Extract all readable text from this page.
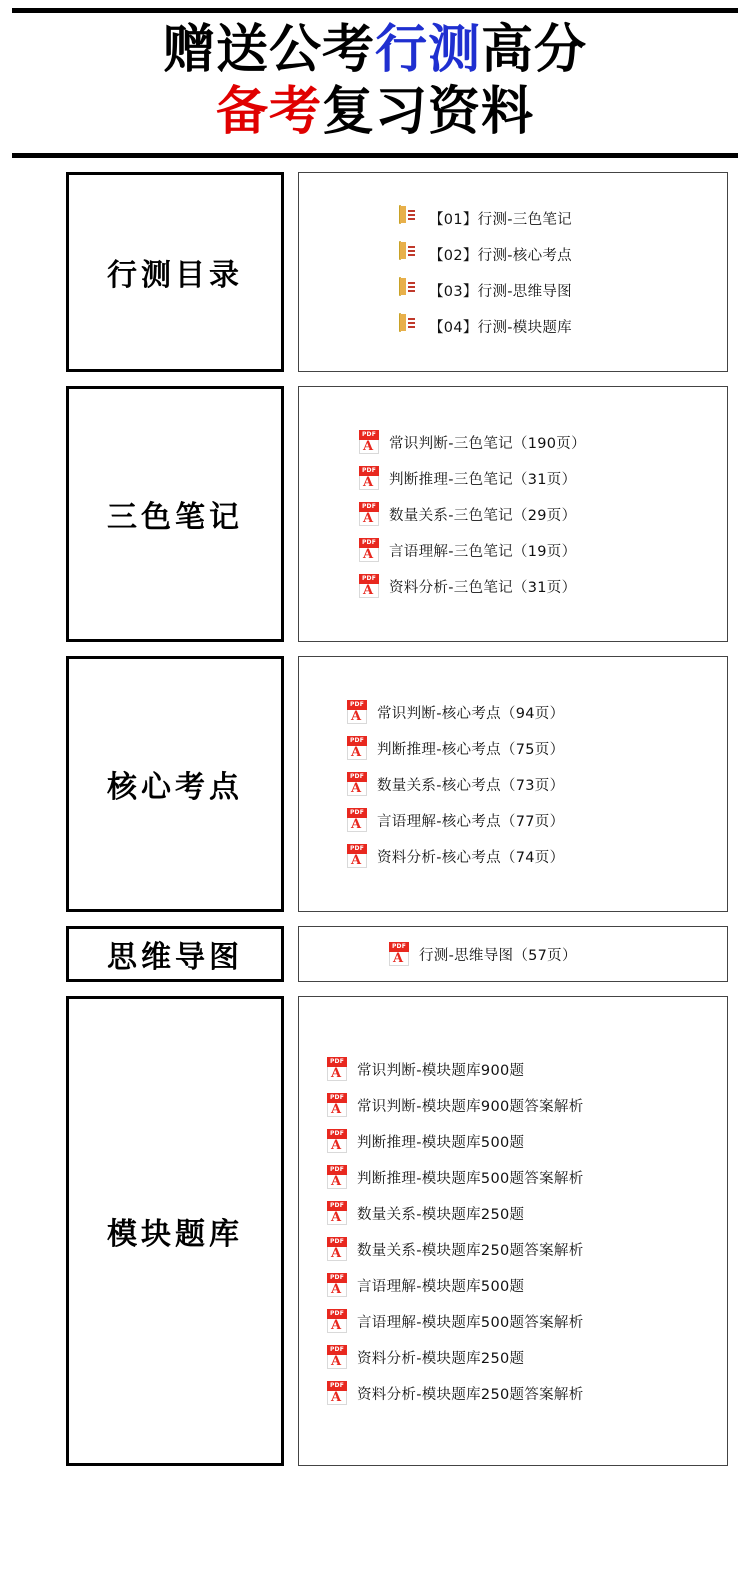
赠送公考行测高分
备考复习资料
行测目录
【01】行测-三色笔记
【02】行测-核心考点
【03】行测-思维导图
【04】行测-模块题库
三色笔记
PDF
A 常识判断-三色笔记（190页）
PDF
A 判断推理-三色笔记（31页）
PDF
A 数量关系-三色笔记（29页）
PDF
A 言语理解-三色笔记（19页）
PDF
A 资料分析-三色笔记（31页）
核心考点
PDF
A 常识判断-核心考点（94页）
PDF
A 判断推理-核心考点（75页）
PDF
A 数量关系-核心考点（73页）
PDF
A 言语理解-核心考点（77页）
PDF
A 资料分析-核心考点（74页）
思维导图	PDF
A 行测-思维导图（57页）
模块题库
PDF
A 常识判断-模块题库900题
PDF
A 常识判断-模块题库900题答案解析
PDF
A 判断推理-模块题库500题
PDF
A 判断推理-模块题库500题答案解析
PDF
A 数量关系-模块题库250题
PDF
A 数量关系-模块题库250题答案解析
PDF
A 言语理解-模块题库500题
PDF
A 言语理解-模块题库500题答案解析
PDF
A 资料分析-模块题库250题
PDF
A 资料分析-模块题库250题答案解析
